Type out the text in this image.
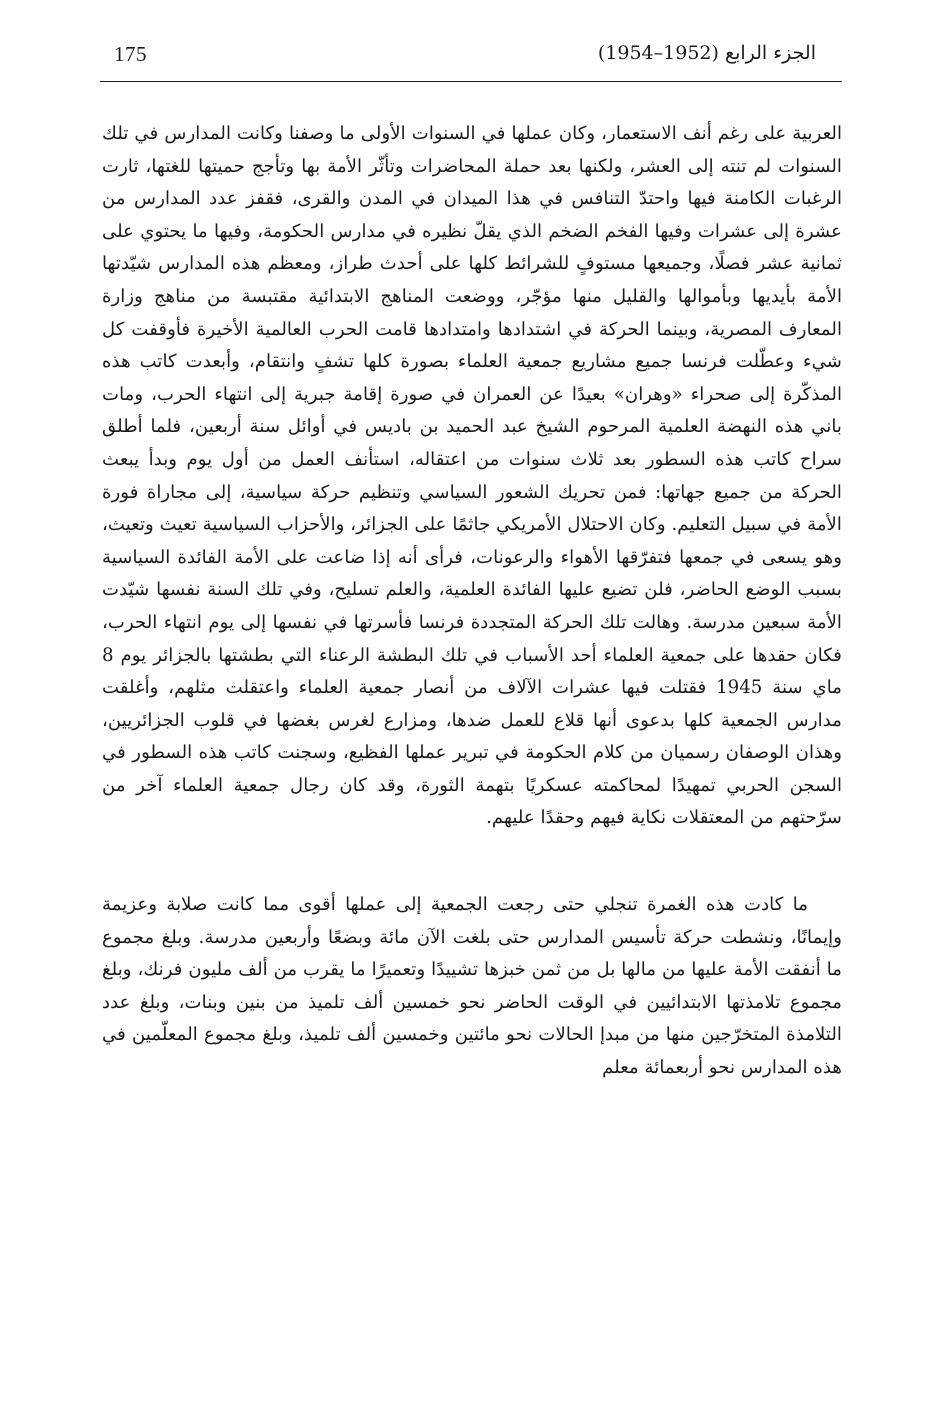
175	الجزء الرابع (1952–1954)

العربية على رغم أنف الاستعمار، وكان عملها في السنوات الأولى ما وصفنا وكانت المدارس في تلك السنوات لم تنته إلى العشر، ولكنها بعد حملة المحاضرات وتأثّر الأمة بها وتأجج حميتها للغتها، ثارت الرغبات الكامنة فيها واحتدّ التنافس في هذا الميدان في المدن والقرى، فقفز عدد المدارس من عشرة إلى عشرات وفيها الفخم الضخم الذي يقلّ نظيره في مدارس الحكومة، وفيها ما يحتوي على ثمانية عشر فصلًا، وجميعها مستوفٍ للشرائط كلها على أحدث طراز، ومعظم هذه المدارس شيّدتها الأمة بأيديها وبأموالها والقليل منها مؤجّر، ووضعت المناهج الابتدائية مقتبسة من مناهج وزارة المعارف المصرية، وبينما الحركة في اشتدادها وامتدادها قامت الحرب العالمية الأخيرة فأوقفت كل شيء وعطّلت فرنسا جميع مشاريع جمعية العلماء بصورة كلها تشفٍ وانتقام، وأبعدت كاتب هذه المذكّرة إلى صحراء «وهران» بعيدًا عن العمران في صورة إقامة جبرية إلى انتهاء الحرب، ومات باني هذه النهضة العلمية المرحوم الشيخ عبد الحميد بن باديس في أوائل سنة أربعين، فلما أطلق سراح كاتب هذه السطور بعد ثلاث سنوات من اعتقاله، استأنف العمل من أول يوم وبدأ يبعث الحركة من جميع جهاتها: فمن تحريك الشعور السياسي وتنظيم حركة سياسية، إلى مجاراة فورة الأمة في سبيل التعليم. وكان الاحتلال الأمريكي جاثمًا على الجزائر، والأحزاب السياسية تعيث وتعيث، وهو يسعى في جمعها فتفرّقها الأهواء والرعونات، فرأى أنه إذا ضاعت على الأمة الفائدة السياسية بسبب الوضع الحاضر، فلن تضيع عليها الفائدة العلمية، والعلم تسليح، وفي تلك السنة نفسها شيّدت الأمة سبعين مدرسة. وهالت تلك الحركة المتجددة فرنسا فأسرتها في نفسها إلى يوم انتهاء الحرب، فكان حقدها على جمعية العلماء أحد الأسباب في تلك البطشة الرعناء التي بطشتها بالجزائر يوم 8 ماي سنة 1945 فقتلت فيها عشرات الآلاف من أنصار جمعية العلماء واعتقلت مثلهم، وأغلقت مدارس الجمعية كلها بدعوى أنها قلاع للعمل ضدها، ومزارع لغرس بغضها في قلوب الجزائريين، وهذان الوصفان رسميان من كلام الحكومة في تبرير عملها الفظيع، وسجنت كاتب هذه السطور في السجن الحربي تمهيدًا لمحاكمته عسكريًا بتهمة الثورة، وقد كان رجال جمعية العلماء آخر من سرّحتهم من المعتقلات نكاية فيهم وحقدًا عليهم.

ما كادت هذه الغمرة تنجلي حتى رجعت الجمعية إلى عملها أقوى مما كانت صلابة وعزيمة وإيمانًا، ونشطت حركة تأسيس المدارس حتى بلغت الآن مائة وبضعًا وأربعين مدرسة. وبلغ مجموع ما أنفقت الأمة عليها من مالها بل من ثمن خبزها تشييدًا وتعميرًا ما يقرب من ألف مليون فرنك، وبلغ مجموع تلامذتها الابتدائيين في الوقت الحاضر نحو خمسين ألف تلميذ من بنين وبنات، وبلغ عدد التلامذة المتخرّجين منها من مبدإ الحالات نحو مائتين وخمسين ألف تلميذ، وبلغ مجموع المعلّمين في هذه المدارس نحو أربعمائة معلم
